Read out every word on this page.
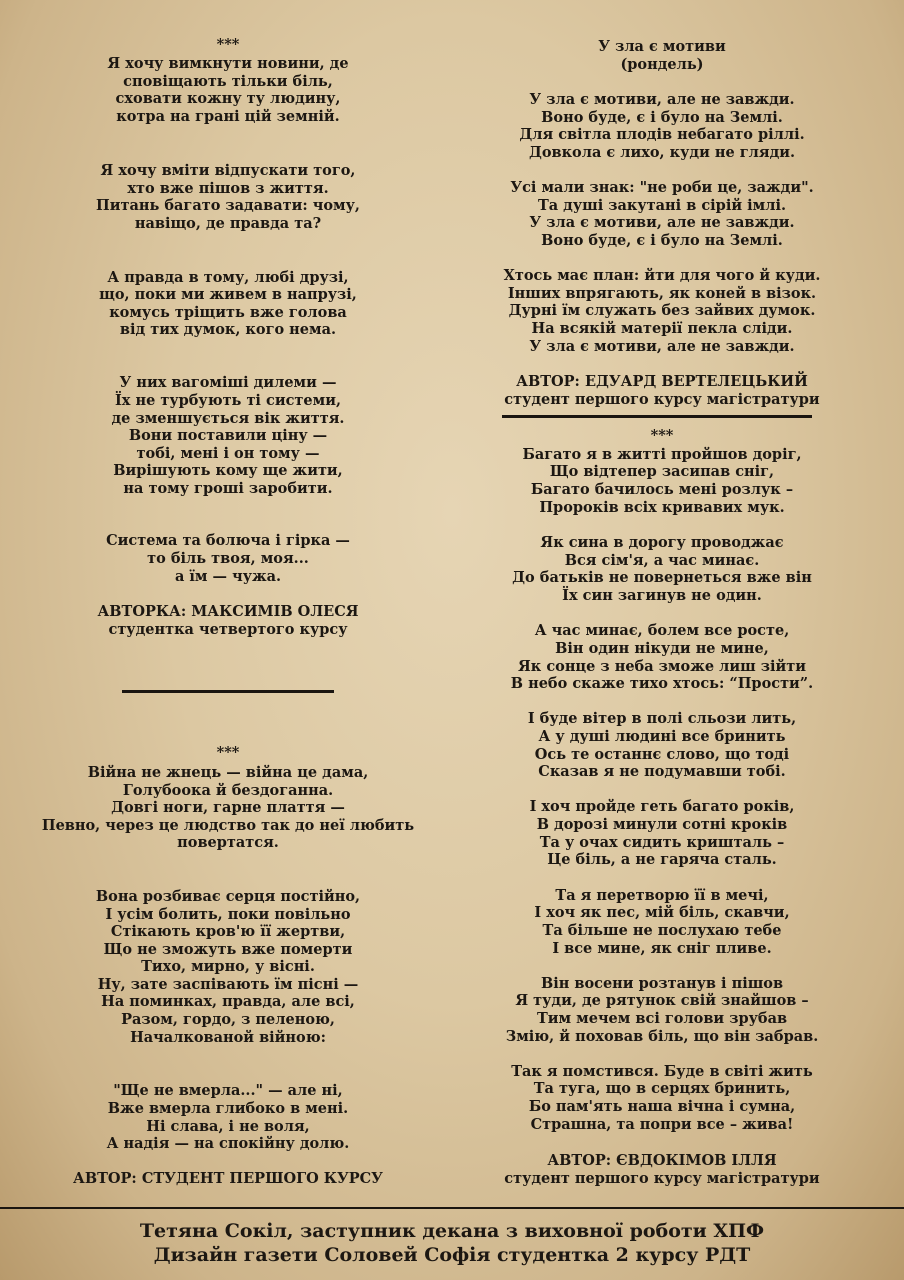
***
Я хочу вимкнути новини, де
сповіщають тільки біль,
сховати кожну ту людину,
котра на грані цій земній.
Я хочу вміти відпускати того,
хто вже пішов з життя.
Питань багато задавати: чому,
навіщо, де правда та?
А правда в тому, любі друзі,
що, поки ми живем в напрузі,
комусь тріщить вже голова
від тих думок, кого нема.
У них вагоміші дилеми —
Їх не турбують ті системи,
де зменшується вік життя.
Вони поставили ціну —
тобі, мені і он тому —
Вирішують кому ще жити,
на тому гроші заробити.
Система та болюча і гірка —
то біль твоя, моя...
а їм — чужа.
АВТОРКА: МАКСИМІВ ОЛЕСЯ
студентка четвертого курсу
***
Війна не жнець — війна це дама,
Голубоока й бездоганна.
Довгі ноги, гарне плаття —
Певно, через це людство так до неї любить
повертатся.
Вона розбиває серця постійно,
І усім болить, поки повільно
Стікають кров'ю її жертви,
Що не зможуть вже померти
Тихо, мирно, у вісні.
Ну, зате заспівають їм пісні —
На поминках, правда, але всі,
Разом, гордо, з пеленою,
Началкованой війною:
"Ще не вмерла..." — але ні,
Вже вмерла глибоко в мені.
Ні слава, і не воля,
А надія — на спокійну долю.
АВТОР: СТУДЕНТ ПЕРШОГО КУРСУ
У зла є мотиви
(рондель)
У зла є мотиви, але не завжди.
Воно буде, є і було на Землі.
Для світла плодів небагато ріллі.
Довкола є лихо, куди не гляди.
Усі мали знак: "не роби це, зажди".
Та душі закутані в сірій імлі.
У зла є мотиви, але не завжди.
Воно буде, є і було на Землі.
Хтось має план: йти для чого й куди.
Інших впрягають, як коней в візок.
Дурні їм служать без зайвих думок.
На всякій матерії пекла сліди.
У зла є мотиви, але не завжди.
АВТОР: ЕДУАРД ВЕРТЕЛЕЦЬКИЙ
студент першого курсу магістратури
***
Багато я в житті пройшов доріг,
Що відтепер засипав сніг,
Багато бачилось мені розлук –
Пророків всіх кривавих мук.
Як сина в дорогу проводжає
Вся сім'я, а час минає.
До батьків не повернеться вже він
Їх син загинув не один.
А час минає, болем все росте,
Він один нікуди не мине,
Як сонце з неба зможе лиш зійти
В небо скаже тихо хтось: “Прости”.
І буде вітер в полі сльози лить,
А у душі людині все бринить
Ось те останнє слово, що тоді
Сказав я не подумавши тобі.
І хоч пройде геть багато років,
В дорозі минули сотні кроків
Та у очах сидить кришталь –
Це біль, а не гаряча сталь.
Та я перетворю її в мечі,
І хоч як пес, мій біль, скавчи,
Та більше не послухаю тебе
І все мине, як сніг пливе.
Він восени розтанув і пішов
Я туди, де рятунок свій знайшов –
Тим мечем всі голови зрубав
Змію, й поховав біль, що він забрав.
Так я помстився. Буде в світі жить
Та туга, що в серцях бринить,
Бо пам'ять наша вічна і сумна,
Страшна, та попри все – жива!
АВТОР: ЄВДОКІМОВ ІЛЛЯ
студент першого курсу магістратури
Тетяна Сокіл, заступник декана з виховної роботи ХПФ
Дизайн газети Соловей Софія студентка 2 курсу РДТ
